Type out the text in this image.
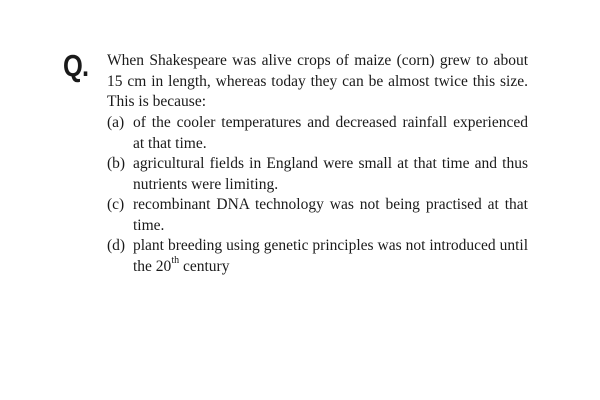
Q. When Shakespeare was alive crops of maize (corn) grew to about 15 cm in length, whereas today they can be almost twice this size. This is because:

(a) of the cooler temperatures and decreased rainfall experienced at that time.
(b) agricultural fields in England were small at that time and thus nutrients were limiting.
(c) recombinant DNA technology was not being practised at that time.
(d) plant breeding using genetic principles was not introduced until the 20th century
